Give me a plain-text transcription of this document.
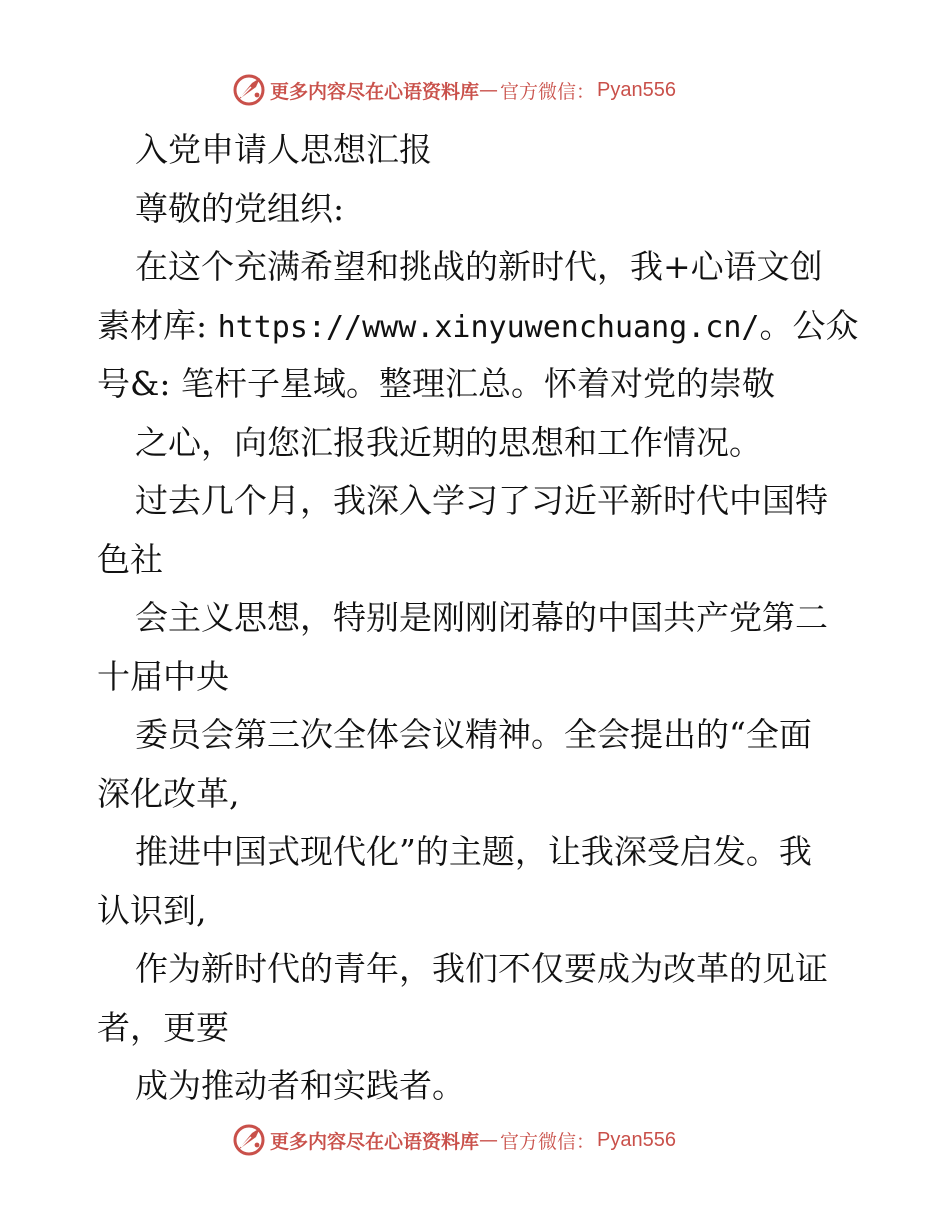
更多内容尽在心语资料库 — 官方微信： Pyan556
入党申请人思想汇报
尊敬的党组织:
在这个充满希望和挑战的新时代，我+心语文创
素材库: https://www.xinyuwenchuang.cn/。公众
号&: 笔杆子星域。整理汇总。怀着对党的崇敬
之心，向您汇报我近期的思想和工作情况。
过去几个月，我深入学习了习近平新时代中国特
色社
会主义思想，特别是刚刚闭幕的中国共产党第二
十届中央
委员会第三次全体会议精神。全会提出的“全面
深化改革,
推进中国式现代化”的主题，让我深受启发。我
认识到,
作为新时代的青年，我们不仅要成为改革的见证
者，更要
成为推动者和实践者。
更多内容尽在心语资料库 — 官方微信： Pyan556
